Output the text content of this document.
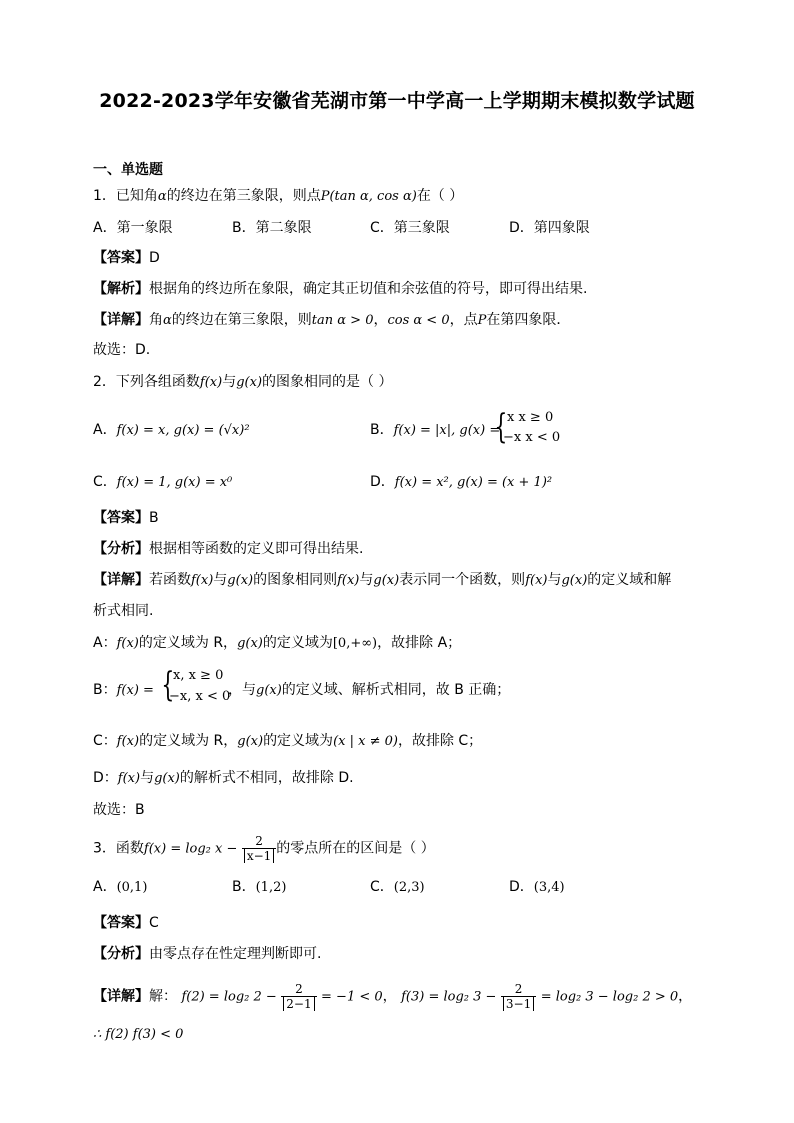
2022-2023学年安徽省芜湖市第一中学高一上学期期末模拟数学试题
一、单选题
1．已知角α的终边在第三象限，则点P(tan α, cos α)在（ ）
A．第一象限	B．第二象限	C．第三象限	D．第四象限
【答案】D
【解析】根据角的终边所在象限，确定其正切值和余弦值的符号，即可得出结果.
【详解】角α的终边在第三象限，则tan α > 0，cos α < 0，点P在第四象限．
故选：D.
2．下列各组函数f(x)与g(x)的图象相同的是（ ）
A．f(x) = x, g(x) = (√x)²	B．f(x) = |x|, g(x) =
{ x x ≥ 0
−x x < 0
C．f(x) = 1, g(x) = x⁰	D．f(x) = x², g(x) = (x + 1)²
【答案】B
【分析】根据相等函数的定义即可得出结果.
【详解】若函数f(x)与g(x)的图象相同则f(x)与g(x)表示同一个函数，则f(x)与g(x)的定义域和解
析式相同.
A：f(x)的定义域为 R，g(x)的定义域为[0,+∞)，故排除 A；
B：f(x) = {
x, x ≥ 0
−x, x < 0
，与g(x)的定义域、解析式相同，故 B 正确；
C：f(x)的定义域为 R，g(x)的定义域为(x | x ≠ 0)，故排除 C；
D：f(x)与g(x)的解析式不相同，故排除 D.
故选：B
3．函数f(x) = log₂ $x - \frac{2}{x-1}$ 的零点所在的区间是（ ）
A．(0,1)	B．(1,2)	C．(2,3)	D．(3,4)
【答案】C
【分析】由零点存在性定理判断即可.
【详解】解： f(2) = log₂ $2 - \frac{2}{2-1} = -1 < 0$， f(3) = log₂ $3 - \frac{2}{3-1} = \log_2$ 3 − log₂ 2 > 0，
∴ f(2) f(3) < 0
